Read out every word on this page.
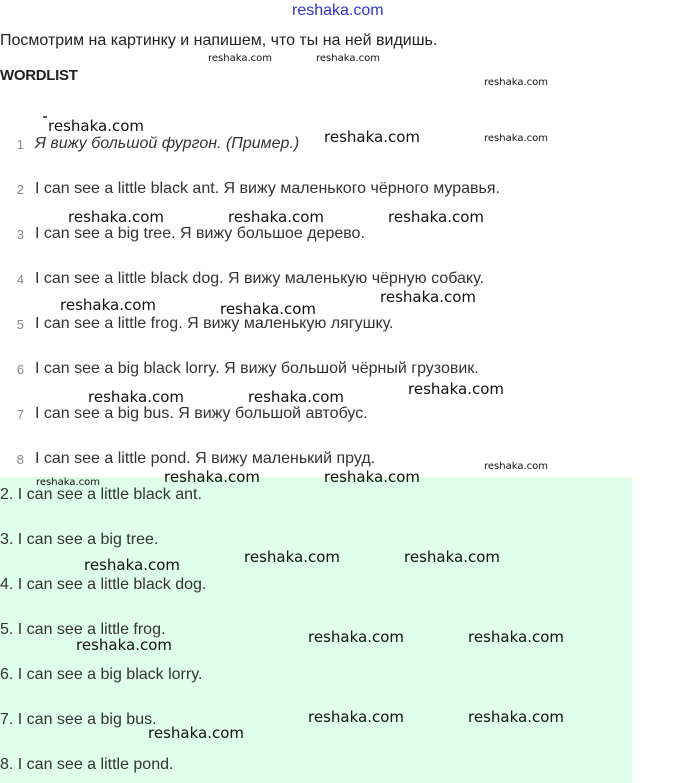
reshaka.com
Посмотрим на картинку и напишем, что ты на ней видишь.
WORDLIST
1 Я вижу большой фургон. (Пример.)
2 I can see a little black ant. Я вижу маленького чёрного муравья.
3 I can see a big tree. Я вижу большое дерево.
4 I can see a little black dog. Я вижу маленькую чёрную собаку.
5 I can see a little frog. Я вижу маленькую лягушку.
6 I can see a big black lorry. Я вижу большой чёрный грузовик.
7 I can see a big bus. Я вижу большой автобус.
8 I can see a little pond. Я вижу маленький пруд.
2. I can see a little black ant.
3. I can see a big tree.
4. I can see a little black dog.
5. I can see a little frog.
6. I can see a big black lorry.
7. I can see a big bus.
8. I can see a little pond.
reshaka.com	reshaka.com
reshaka.com
reshaka.com
reshaka.com	reshaka.com
reshaka.com	reshaka.com	reshaka.com
reshaka.com
reshaka.com	reshaka.com
reshaka.com
reshaka.com	reshaka.com
reshaka.com
reshaka.com	reshaka.com
reshaka.com
reshaka.com	reshaka.com
reshaka.com
reshaka.com	reshaka.com
reshaka.com
reshaka.com	reshaka.com
reshaka.com
